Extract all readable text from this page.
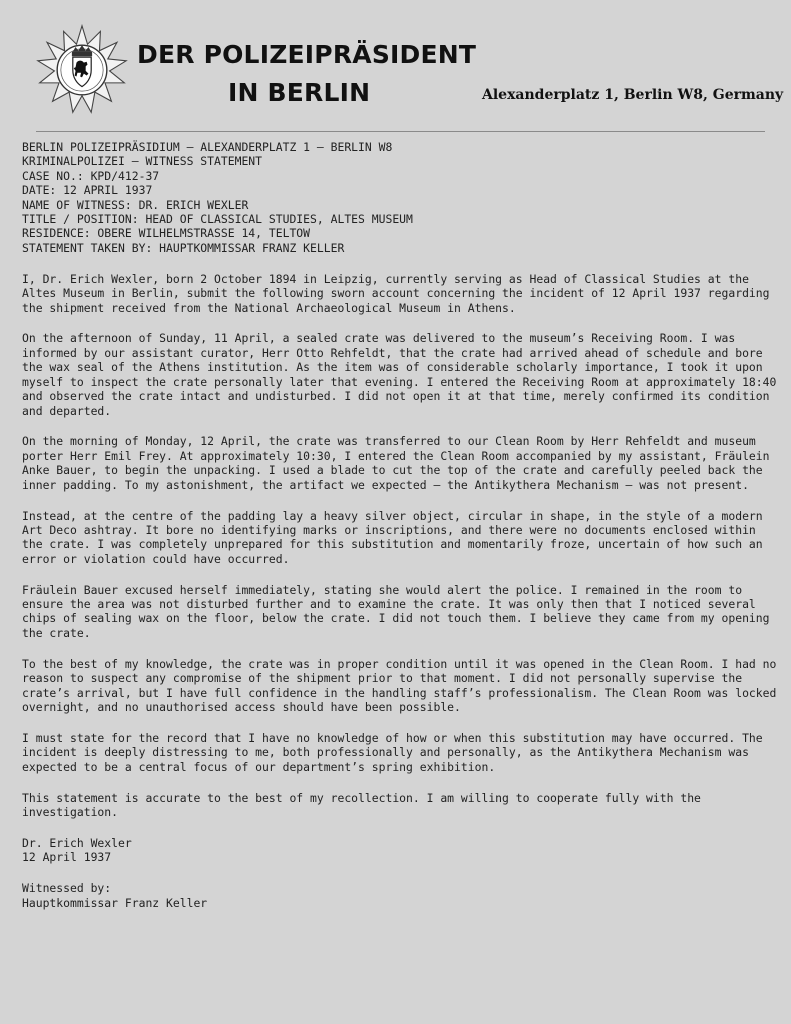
DER POLIZEIPRÄSIDENT
IN BERLIN	Alexanderplatz 1, Berlin W8, Germany
BERLIN POLIZEIPRÄSIDIUM – ALEXANDERPLATZ 1 – BERLIN W8
KRIMINALPOLIZEI – WITNESS STATEMENT
CASE NO.: KPD/412-37
DATE: 12 APRIL 1937
NAME OF WITNESS: DR. ERICH WEXLER
TITLE / POSITION: HEAD OF CLASSICAL STUDIES, ALTES MUSEUM
RESIDENCE: OBERE WILHELMSTRASSE 14, TELTOW
STATEMENT TAKEN BY: HAUPTKOMMISSAR FRANZ KELLER

I, Dr. Erich Wexler, born 2 October 1894 in Leipzig, currently serving as Head of Classical Studies at the Altes Museum in Berlin, submit the following sworn account concerning the incident of 12 April 1937 regarding the shipment received from the National Archaeological Museum in Athens.

On the afternoon of Sunday, 11 April, a sealed crate was delivered to the museum’s Receiving Room. I was informed by our assistant curator, Herr Otto Rehfeldt, that the crate had arrived ahead of schedule and bore the wax seal of the Athens institution. As the item was of considerable scholarly importance, I took it upon myself to inspect the crate personally later that evening. I entered the Receiving Room at approximately 18:40 and observed the crate intact and undisturbed. I did not open it at that time, merely confirmed its condition and departed.

On the morning of Monday, 12 April, the crate was transferred to our Clean Room by Herr Rehfeldt and museum porter Herr Emil Frey. At approximately 10:30, I entered the Clean Room accompanied by my assistant, Fräulein Anke Bauer, to begin the unpacking. I used a blade to cut the top of the crate and carefully peeled back the inner padding. To my astonishment, the artifact we expected — the Antikythera Mechanism — was not present.

Instead, at the centre of the padding lay a heavy silver object, circular in shape, in the style of a modern Art Deco ashtray. It bore no identifying marks or inscriptions, and there were no documents enclosed within the crate. I was completely unprepared for this substitution and momentarily froze, uncertain of how such an error or violation could have occurred.

Fräulein Bauer excused herself immediately, stating she would alert the police. I remained in the room to ensure the area was not disturbed further and to examine the crate. It was only then that I noticed several chips of sealing wax on the floor, below the crate. I did not touch them. I believe they came from my opening the crate.

To the best of my knowledge, the crate was in proper condition until it was opened in the Clean Room. I had no reason to suspect any compromise of the shipment prior to that moment. I did not personally supervise the crate’s arrival, but I have full confidence in the handling staff’s professionalism. The Clean Room was locked overnight, and no unauthorised access should have been possible.

I must state for the record that I have no knowledge of how or when this substitution may have occurred. The incident is deeply distressing to me, both professionally and personally, as the Antikythera Mechanism was expected to be a central focus of our department’s spring exhibition.

This statement is accurate to the best of my recollection. I am willing to cooperate fully with the investigation.

Dr. Erich Wexler
12 April 1937
Witnessed by:
Hauptkommissar Franz Keller
